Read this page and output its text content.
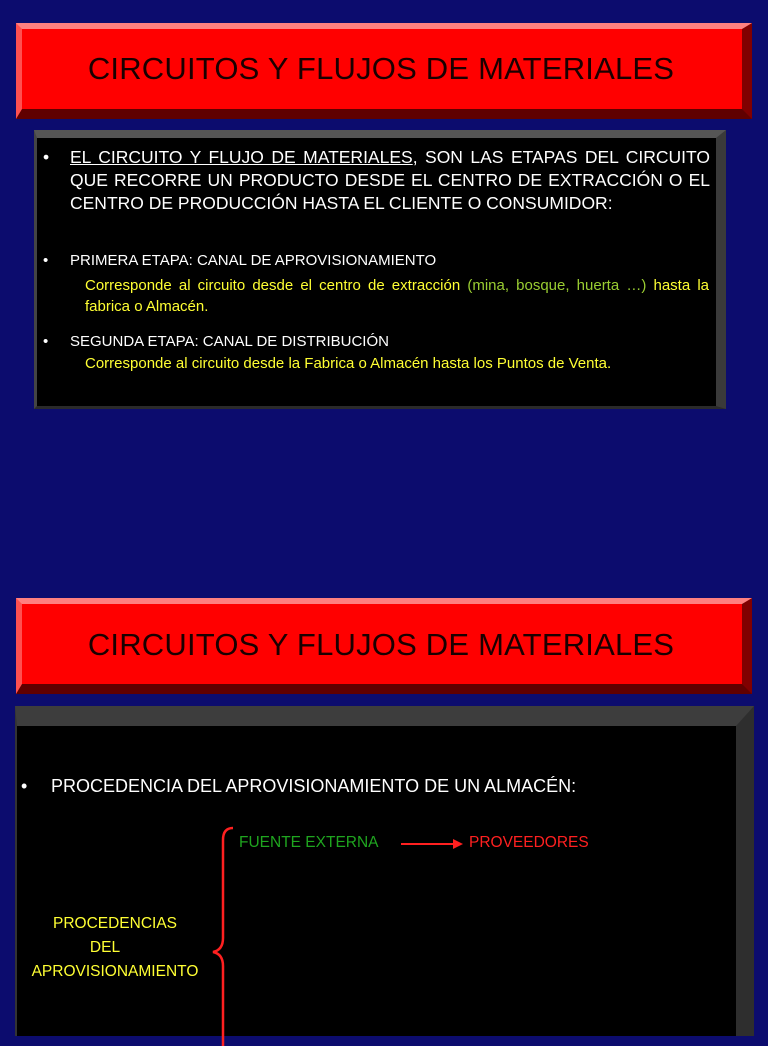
CIRCUITOS Y FLUJOS DE MATERIALES
• EL CIRCUITO Y FLUJO DE MATERIALES, SON LAS ETAPAS DEL CIRCUITO QUE RECORRE UN PRODUCTO DESDE EL CENTRO DE EXTRACCIÓN O EL CENTRO DE PRODUCCIÓN HASTA EL CLIENTE O CONSUMIDOR:
• PRIMERA ETAPA: CANAL DE APROVISIONAMIENTO
Corresponde al circuito desde el centro de extracción (mina, bosque, huerta …) hasta la fabrica o Almacén.
• SEGUNDA ETAPA: CANAL DE DISTRIBUCIÓN
Corresponde al circuito desde la Fabrica o Almacén hasta los Puntos de Venta.
CIRCUITOS Y FLUJOS DE MATERIALES
• PROCEDENCIA DEL APROVISIONAMIENTO DE UN ALMACÉN:
PROCEDENCIAS
DEL
APROVISIONAMIENTO
FUENTE EXTERNA	PROVEEDORES
